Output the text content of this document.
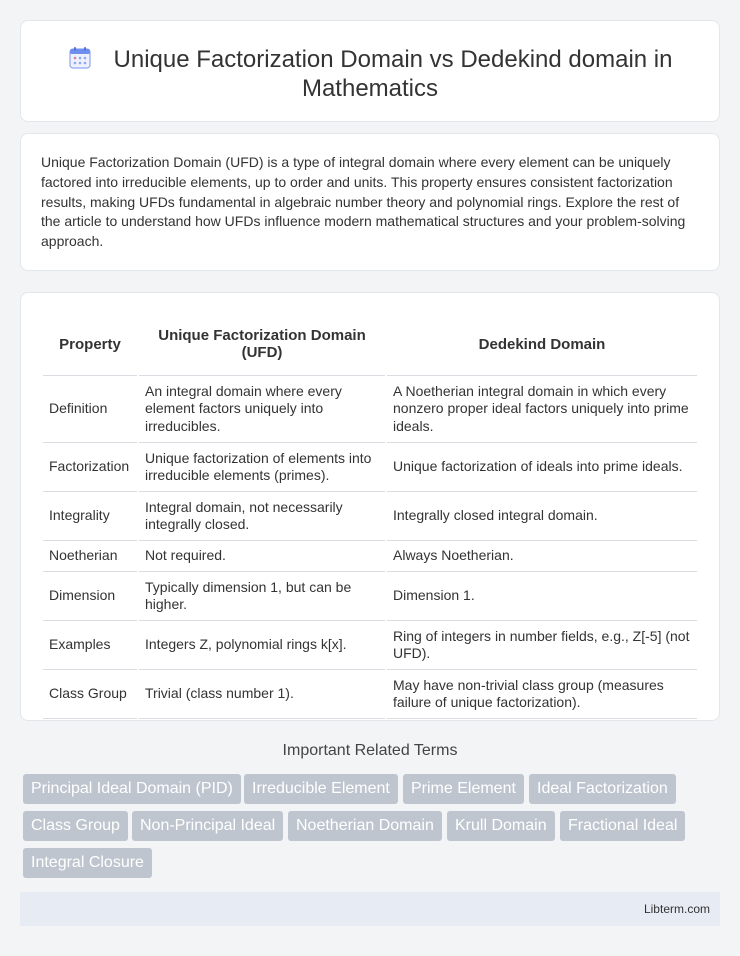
Unique Factorization Domain vs Dedekind domain in
Mathematics

Unique Factorization Domain (UFD) is a type of integral domain where every element can be uniquely factored into irreducible elements, up to order and units. This property ensures consistent factorization results, making UFDs fundamental in algebraic number theory and polynomial rings. Explore the rest of the article to understand how UFDs influence modern mathematical structures and your problem-solving approach.

Property	Unique Factorization Domain (UFD)	Dedekind Domain
Definition	An integral domain where every element factors uniquely into irreducibles.	A Noetherian integral domain in which every nonzero proper ideal factors uniquely into prime ideals.
Factorization	Unique factorization of elements into irreducible elements (primes).	Unique factorization of ideals into prime ideals.
Integrality	Integral domain, not necessarily integrally closed.	Integrally closed integral domain.
Noetherian	Not required.	Always Noetherian.
Dimension	Typically dimension 1, but can be higher.	Dimension 1.
Examples	Integers Z, polynomial rings k[x].	Ring of integers in number fields, e.g., Z[-5] (not UFD).
Class Group	Trivial (class number 1).	May have non-trivial class group (measures failure of unique factorization).
Important Related Terms
Principal Ideal Domain (PID)	Irreducible Element	Prime Element	Ideal Factorization
Class Group	Non-Principal Ideal	Noetherian Domain	Krull Domain	Fractional Ideal
Integral Closure
Libterm.com
